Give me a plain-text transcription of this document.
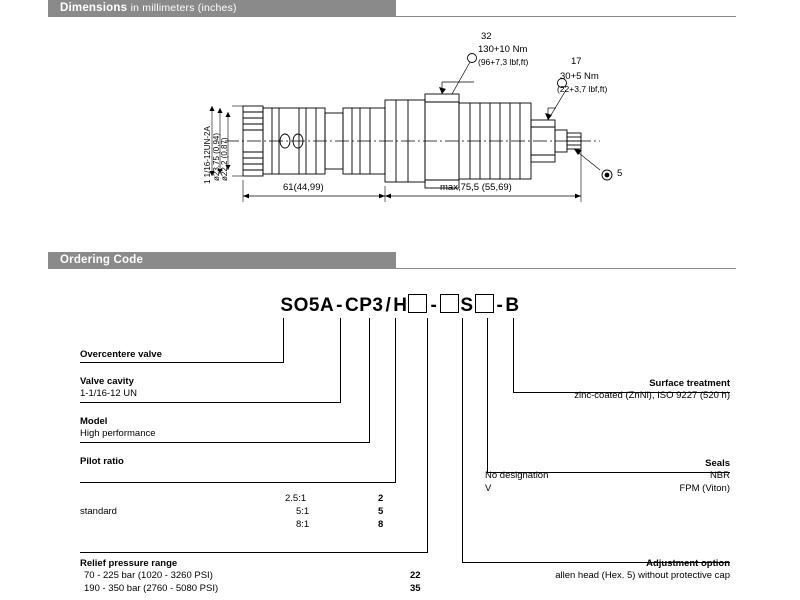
Dimensions in millimeters (inches)
130+10 Nm
(96+7,3 lbf,ft)
32
17
30+5 Nm
(22+3,7 lbf,ft)
5
61(44,99)	max,75,5 (55,69)
1 1/16-12UN-2A ø23,75 (0,94) ø22,2 (0,87)
Ordering Code
SO5A - CP3 / H - S - B
Overcentere valve
Valve cavity
1-1/16-12 UN
Model
High performance
Pilot ratio
standard
2.5:1
5:1
8:1
2
5
8
Relief pressure range
70 - 225 bar (1020 - 3260 PSI)
190 - 350 bar (2760 - 5080 PSI)
22
35
Surface treatment
zinc-coated (ZnNi), ISO 9227 (520 h)
Seals
NBR
FPM (Viton)
No designation
V
Adjustment option
allen head (Hex. 5) without protective cap
